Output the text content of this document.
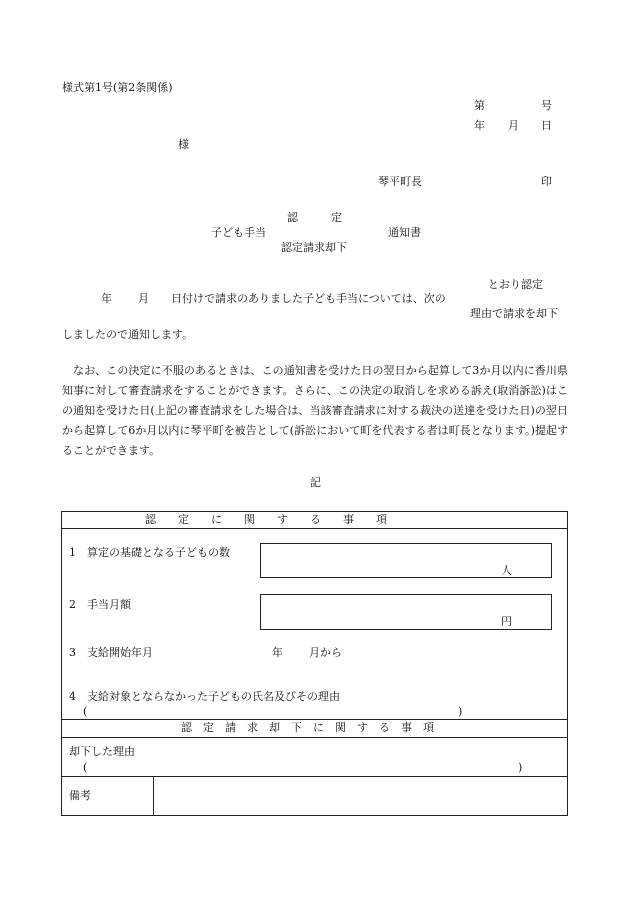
様式第1号(第2条関係)
第	号
年 月 日
様
琴平町長	印
認　　　定
子ども手当	通知書
認定請求却下
とおり認定
年 月 日付けで請求のありました子ども手当については、次の
理由で請求を却下
しましたので通知します。
なお、この決定に不服のあるときは、この通知書を受けた日の翌日から起算して3か月以内に香川県知事に対して審査請求をすることができます。さらに、この決定の取消しを求める訴え(取消訴訟)はこの通知を受けた日(上記の審査請求をした場合は、当該審査請求に対する裁決の送達を受けた日)の翌日から起算して6か月以内に琴平町を被告として(訴訟において町を代表する者は町長となります。)提起することができます。
記
認　　定　　に　　関　　す　　る　　事　　項
1　算定の基礎となる子どもの数
人
2　手当月額
円
3　支給開始年月	年 月から
4　支給対象とならなかった子どもの氏名及びその理由
(	)
認　定　請　求　却　下　に　関　す　る　事　項
却下した理由
(	)
備考
